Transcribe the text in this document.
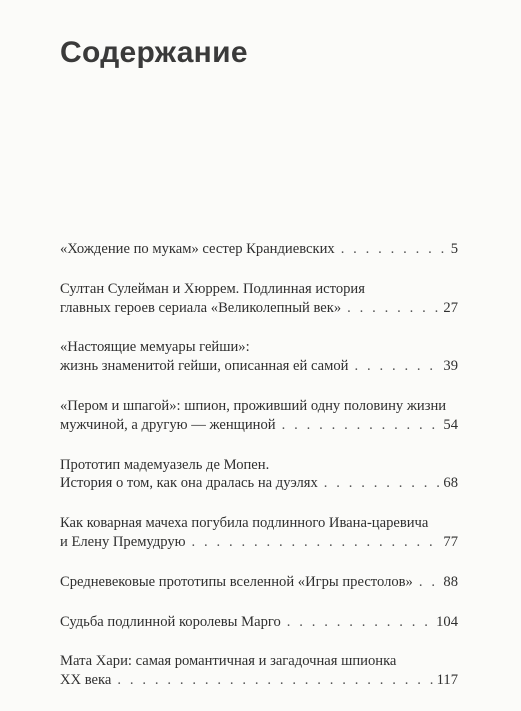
Содержание
«Хождение по мукам» сестер Крандиевских . . .	5
Султан Сулейман и Хюррем. Подлинная история
главных героев сериала «Великолепный век» . . .	27
«Настоящие мемуары гейши»:
жизнь знаменитой гейши, описанная ей самой . . .	39
«Пером и шпагой»: шпион, проживший одну половину жизни
мужчиной, а другую — женщиной . . .	54
Прототип мадемуазель де Мопен.
История о том, как она дралась на дуэлях . . .	68
Как коварная мачеха погубила подлинного Ивана-царевича
и Елену Премудрую . . .	77
Средневековые прототипы вселенной «Игры престолов» . . . 88
Судьба подлинной королевы Марго . . .	104
Мата Хари: самая романтичная и загадочная шпионка
XX века . . .	117
